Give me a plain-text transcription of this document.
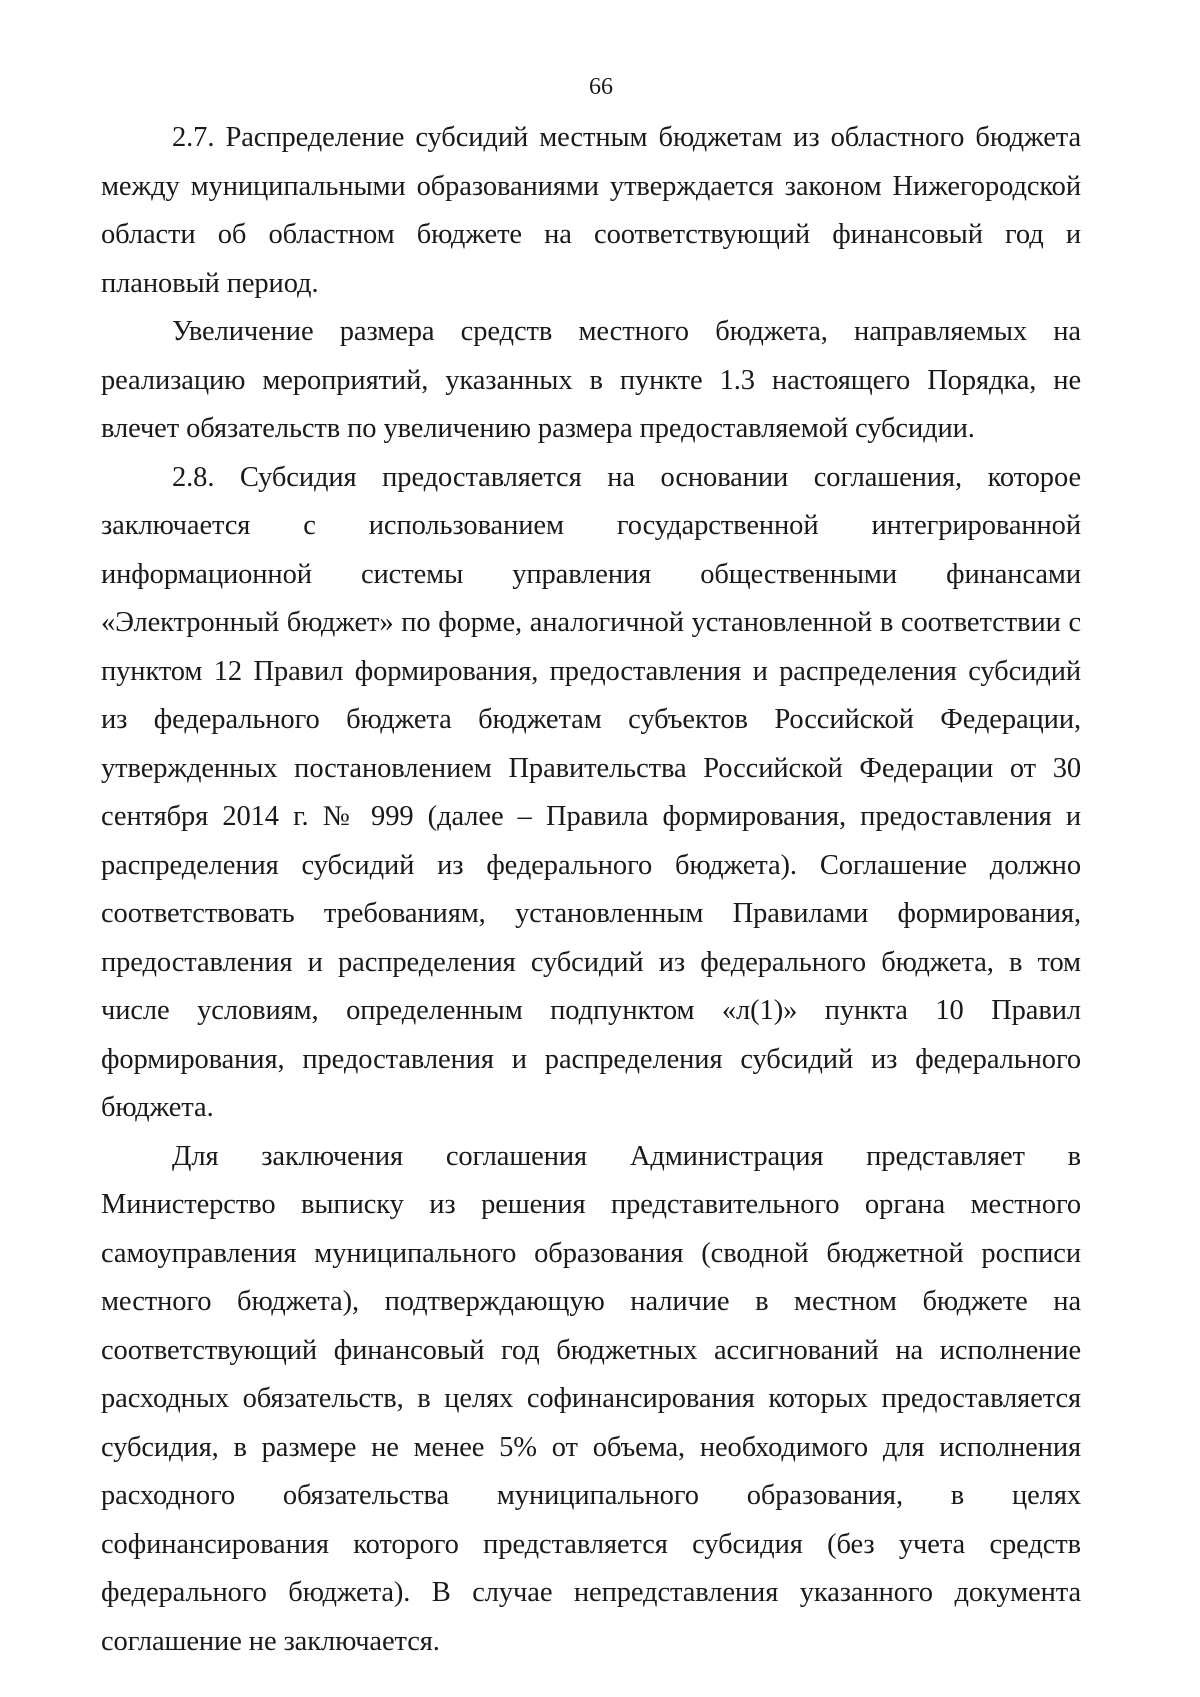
66

2.7. Распределение субсидий местным бюджетам из областного бюджета между муниципальными образованиями утверждается законом Нижегородской области об областном бюджете на соответствующий финансовый год и плановый период.

Увеличение размера средств местного бюджета, направляемых на реализацию мероприятий, указанных в пункте 1.3 настоящего Порядка, не влечет обязательств по увеличению размера предоставляемой субсидии.

2.8. Субсидия предоставляется на основании соглашения, которое заключается с использованием государственной интегрированной информационной системы управления общественными финансами «Электронный бюджет» по форме, аналогичной установленной в соответствии с пунктом 12 Правил формирования, предоставления и распределения субсидий из федерального бюджета бюджетам субъектов Российской Федерации, утвержденных постановлением Правительства Российской Федерации от 30 сентября 2014 г. № 999 (далее – Правила формирования, предоставления и распределения субсидий из федерального бюджета). Соглашение должно соответствовать требованиям, установленным Правилами формирования, предоставления и распределения субсидий из федерального бюджета, в том числе условиям, определенным подпунктом «л(1)» пункта 10 Правил формирования, предоставления и распределения субсидий из федерального бюджета.

Для заключения соглашения Администрация представляет в Министерство выписку из решения представительного органа местного самоуправления муниципального образования (сводной бюджетной росписи местного бюджета), подтверждающую наличие в местном бюджете на соответствующий финансовый год бюджетных ассигнований на исполнение расходных обязательств, в целях софинансирования которых предоставляется субсидия, в размере не менее 5% от объема, необходимого для исполнения расходного обязательства муниципального образования, в целях софинансирования которого представляется субсидия (без учета средств федерального бюджета). В случае непредставления указанного документа соглашение не заключается.
